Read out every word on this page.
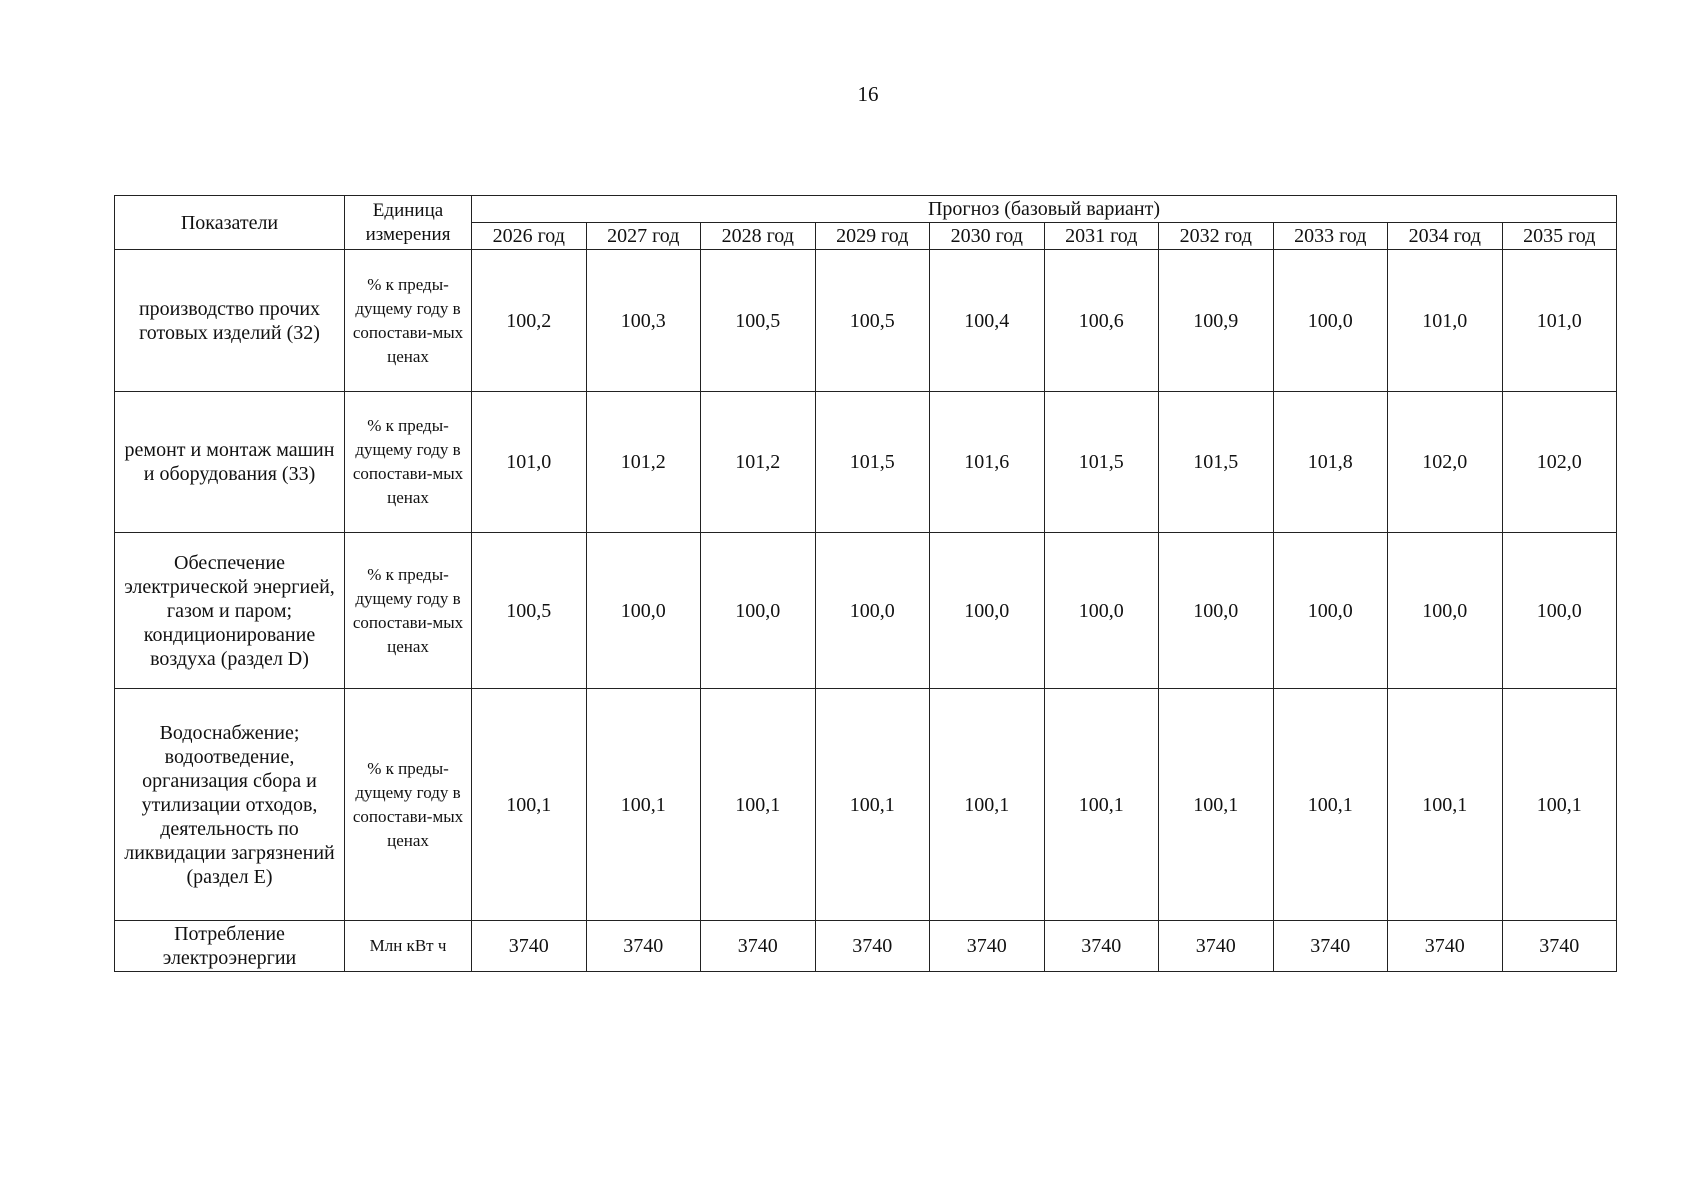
16
Показатели	Единица измерения	Прогноз (базовый вариант)									
		2026 год	2027 год	2028 год	2029 год	2030 год	2031 год	2032 год	2033 год	2034 год	2035 год
производство прочих готовых изделий (32)	% к преды-дущему году в сопостави-мых ценах	100,2	100,3	100,5	100,5	100,4	100,6	100,9	100,0	101,0	101,0
ремонт и монтаж машин и оборудования (33)	% к преды-дущему году в сопостави-мых ценах	101,0	101,2	101,2	101,5	101,6	101,5	101,5	101,8	102,0	102,0
Обеспечение электрической энергией, газом и паром; кондиционирование воздуха (раздел D)	% к преды-дущему году в сопостави-мых ценах	100,5	100,0	100,0	100,0	100,0	100,0	100,0	100,0	100,0	100,0
Водоснабжение; водоотведение, организация сбора и утилизации отходов, деятельность по ликвидации загрязнений (раздел E)	% к преды-дущему году в сопостави-мых ценах	100,1	100,1	100,1	100,1	100,1	100,1	100,1	100,1	100,1	100,1
Потребление электроэнергии	Млн кВт ч	3740	3740	3740	3740	3740	3740	3740	3740	3740	3740
